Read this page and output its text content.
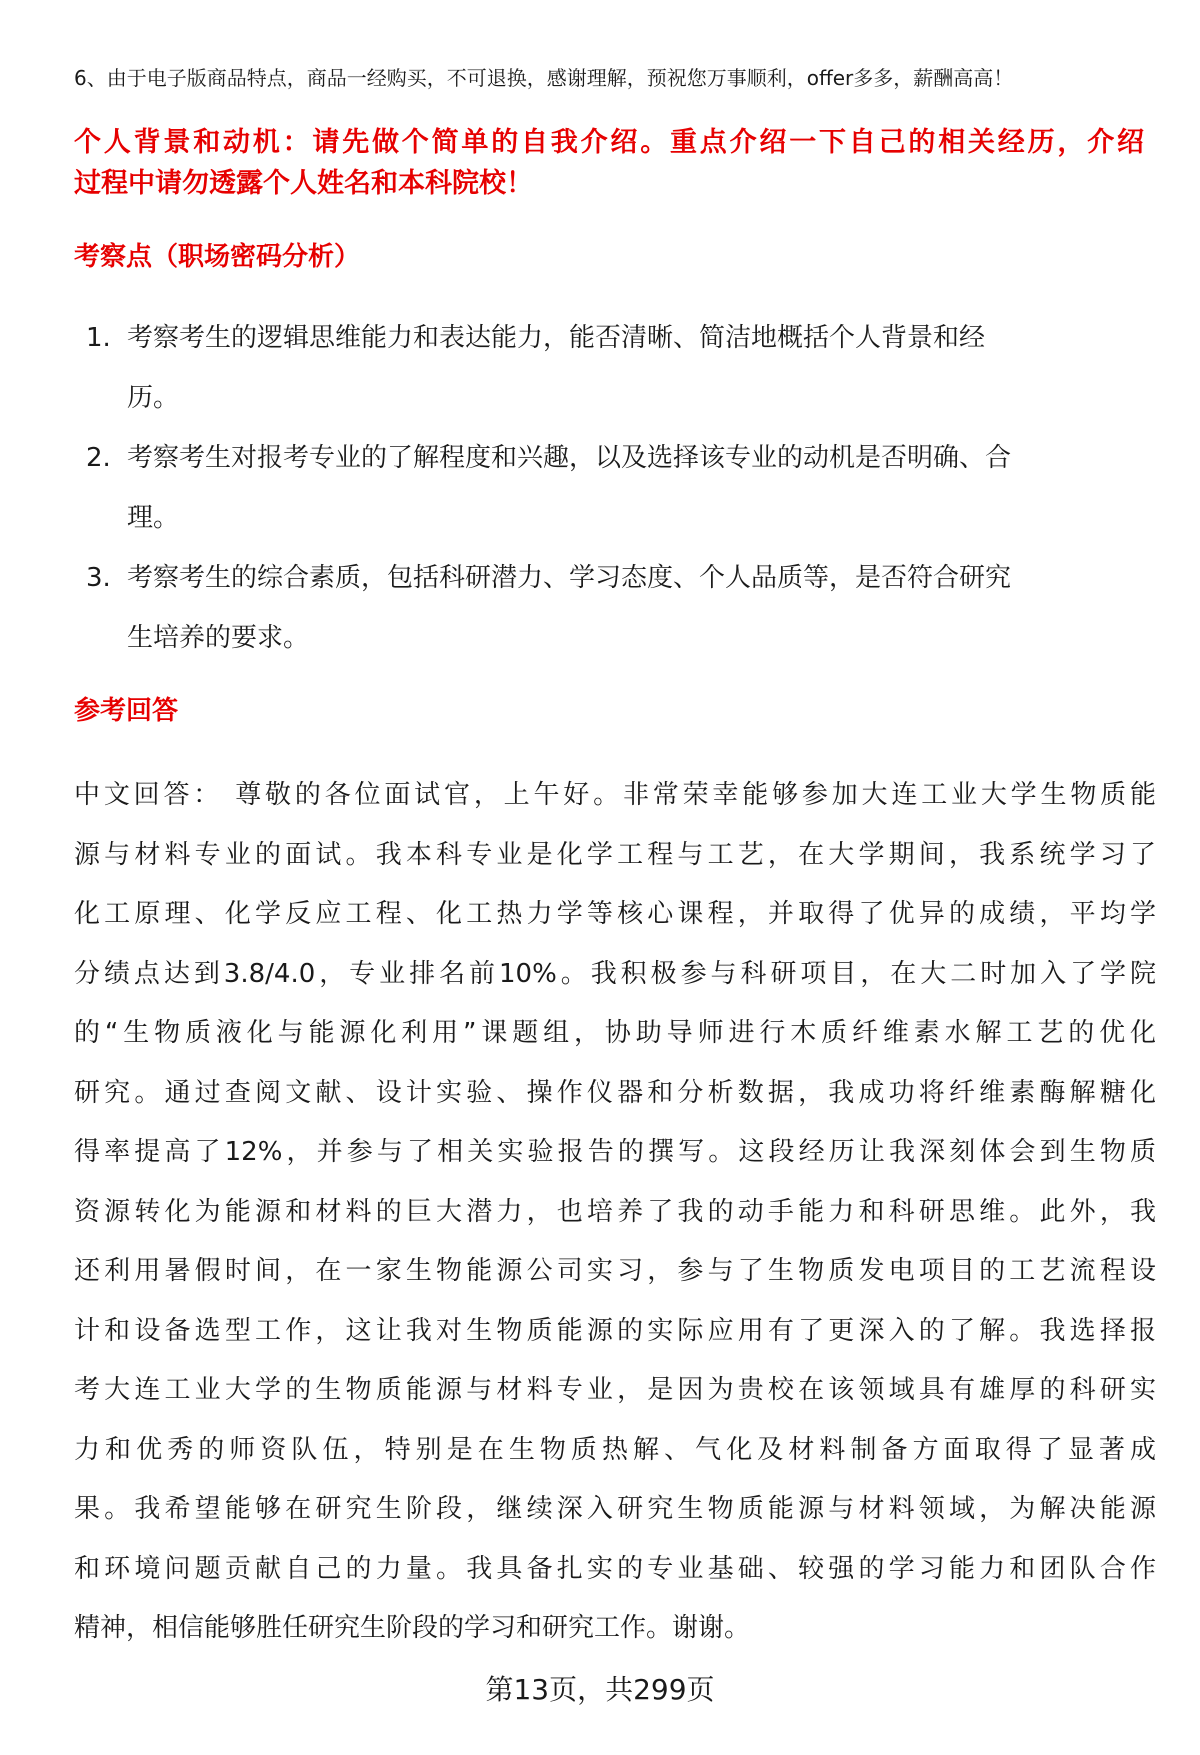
6、由于电子版商品特点，商品一经购买，不可退换，感谢理解，预祝您万事顺利，offer多多，薪酬高高！
个人背景和动机：请先做个简单的自我介绍。重点介绍一下自己的相关经历，介绍
过程中请勿透露个人姓名和本科院校！
考察点（职场密码分析）
1. 考察考生的逻辑思维能力和表达能力，能否清晰、简洁地概括个人背景和经
历。
2. 考察考生对报考专业的了解程度和兴趣，以及选择该专业的动机是否明确、合
理。
3. 考察考生的综合素质，包括科研潜力、学习态度、个人品质等，是否符合研究
生培养的要求。
参考回答
中文回答： 尊敬的各位面试官，上午好。非常荣幸能够参加大连工业大学生物质能
源与材料专业的面试。我本科专业是化学工程与工艺，在大学期间，我系统学习了
化工原理、化学反应工程、化工热力学等核心课程，并取得了优异的成绩，平均学
分绩点达到3.8/4.0，专业排名前10%。我积极参与科研项目，在大二时加入了学院
的“生物质液化与能源化利用”课题组，协助导师进行木质纤维素水解工艺的优化
研究。通过查阅文献、设计实验、操作仪器和分析数据，我成功将纤维素酶解糖化
得率提高了12%，并参与了相关实验报告的撰写。这段经历让我深刻体会到生物质
资源转化为能源和材料的巨大潜力，也培养了我的动手能力和科研思维。此外，我
还利用暑假时间，在一家生物能源公司实习，参与了生物质发电项目的工艺流程设
计和设备选型工作，这让我对生物质能源的实际应用有了更深入的了解。我选择报
考大连工业大学的生物质能源与材料专业，是因为贵校在该领域具有雄厚的科研实
力和优秀的师资队伍，特别是在生物质热解、气化及材料制备方面取得了显著成
果。我希望能够在研究生阶段，继续深入研究生物质能源与材料领域，为解决能源
和环境问题贡献自己的力量。我具备扎实的专业基础、较强的学习能力和团队合作
精神，相信能够胜任研究生阶段的学习和研究工作。谢谢。
第13页，共299页
